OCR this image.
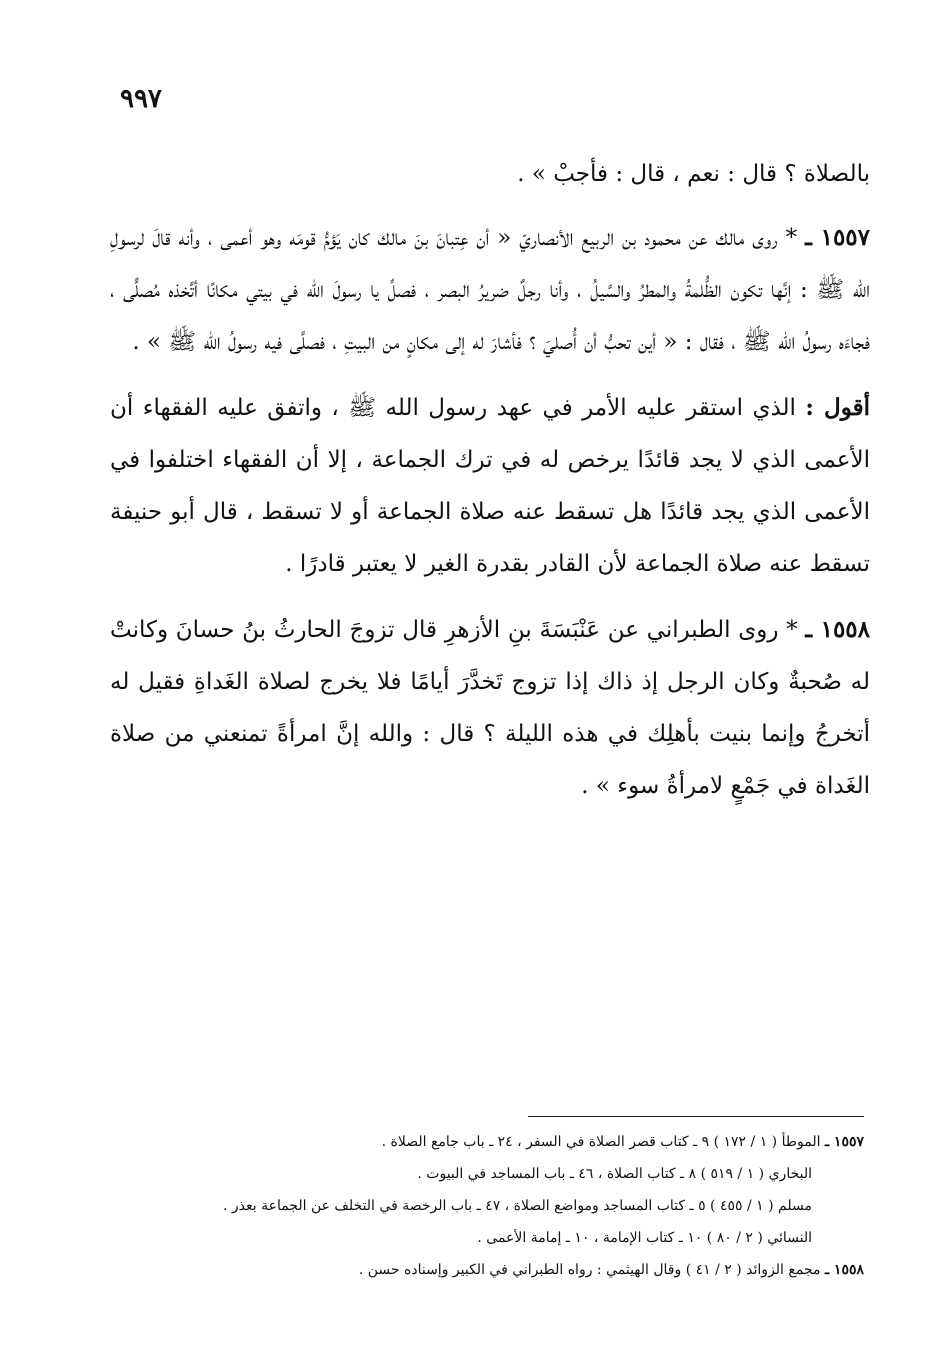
٩٩٧

بالصلاة ؟ قال : نعم ، قال : فأجبْ » .

١٥٥٧ ـ * روى مالك عن محمود بن الربيع الأنصاريّ « أن عِتبانَ بنَ مالك كان يَؤمُّ قومَه وهو أعمى ، وأنه قالَ لرسولِ الله ﷺ : إنَّها تكون الظُّلمةُ والمطرُ والسَّيلُ ، وأنا رجلٌ ضريرُ البصر ، فصلِّ يا رسولَ الله في بيتي مكانًا أتَّخذه مُصلًّى ، فجاءَه رسولُ الله ﷺ ، فقال : « أين تحبُّ أن أُصليَ ؟ فأشارَ له إلى مكانٍ من البيتِ ، فصلَّى فيه رسولُ الله ﷺ » .

أقول : الذي استقر عليه الأمر في عهد رسول الله ﷺ ، واتفق عليه الفقهاء أن الأعمى الذي لا يجد قائدًا يرخص له في ترك الجماعة ، إلا أن الفقهاء اختلفوا في الأعمى الذي يجد قائدًا هل تسقط عنه صلاة الجماعة أو لا تسقط ، قال أبو حنيفة تسقط عنه صلاة الجماعة لأن القادر بقدرة الغير لا يعتبر قادرًا .

١٥٥٨ ـ * روى الطبراني عن عَنْبَسَةَ بنِ الأزهرِ قال تزوجَ الحارثُ بنُ حسانَ وكانتْ له صُحبةٌ وكان الرجل إذ ذاك إذا تزوج تَخدَّرَ أيامًا فلا يخرج لصلاة الغَداةِ فقيل له أتخرجُ وإنما بنيت بأهلِك في هذه الليلة ؟ قال : والله إنَّ امرأةً تمنعني من صلاة الغَداة في جَمْعٍ لامرأةُ سوء » .

١٥٥٧ ـ الموطأ ( ١ / ١٧٢ ) ٩ ـ كتاب قصر الصلاة في السفر ، ٢٤ ـ باب جامع الصلاة .
البخاري ( ١ / ٥١٩ ) ٨ ـ كتاب الصلاة ، ٤٦ ـ باب المساجد في البيوت .
مسلم ( ١ / ٤٥٥ ) ٥ ـ كتاب المساجد ومواضع الصلاة ، ٤٧ ـ باب الرخصة في التخلف عن الجماعة بعذر .
النسائي ( ٢ / ٨٠ ) ١٠ ـ كتاب الإمامة ، ١٠ ـ إمامة الأعمى .
١٥٥٨ ـ مجمع الزوائد ( ٢ / ٤١ ) وقال الهيثمي : رواه الطبراني في الكبير وإسناده حسن .
